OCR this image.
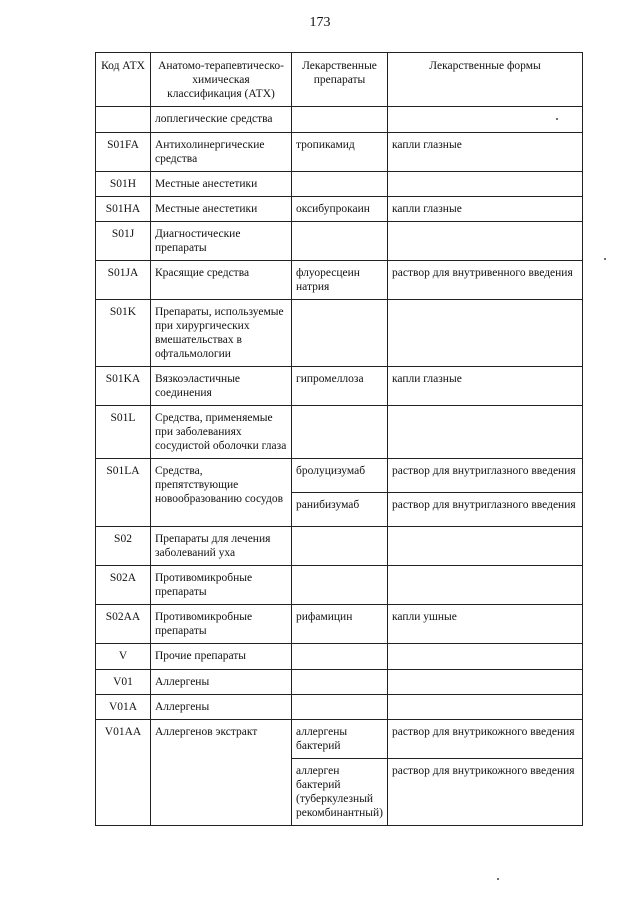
173
Код АТХ	Анатомо-терапевтическо-химическая классификация (АТХ)	Лекарственные препараты	Лекарственные формы
	лоплегические средства		
S01FA	Антихолинергические средства	тропикамид	капли глазные
S01H	Местные анестетики		
S01HA	Местные анестетики	оксибупрокаин	капли глазные
S01J	Диагностические препараты		
S01JA	Красящие средства	флуоресцеин натрия	раствор для внутривенного введения
S01K	Препараты, используемые при хирургических вмешательствах в офтальмологии		
S01KA	Вязкоэластичные соединения	гипромеллоза	капли глазные
S01L	Средства, применяемые при заболеваниях сосудистой оболочки глаза		
S01LA	Средства, препятствующие новообразованию сосудов	бролуцизумаб	раствор для внутриглазного введения
		ранибизумаб	раствор для внутриглазного введения
S02	Препараты для лечения заболеваний уха		
S02A	Противомикробные препараты		
S02AA	Противомикробные препараты	рифамицин	капли ушные
V	Прочие препараты		
V01	Аллергены		
V01A	Аллергены		
V01AA	Аллергенов экстракт	аллергены бактерий	раствор для внутрикожного введения
		аллерген бактерий (туберкулезный рекомбинантный)	раствор для внутрикожного введения
